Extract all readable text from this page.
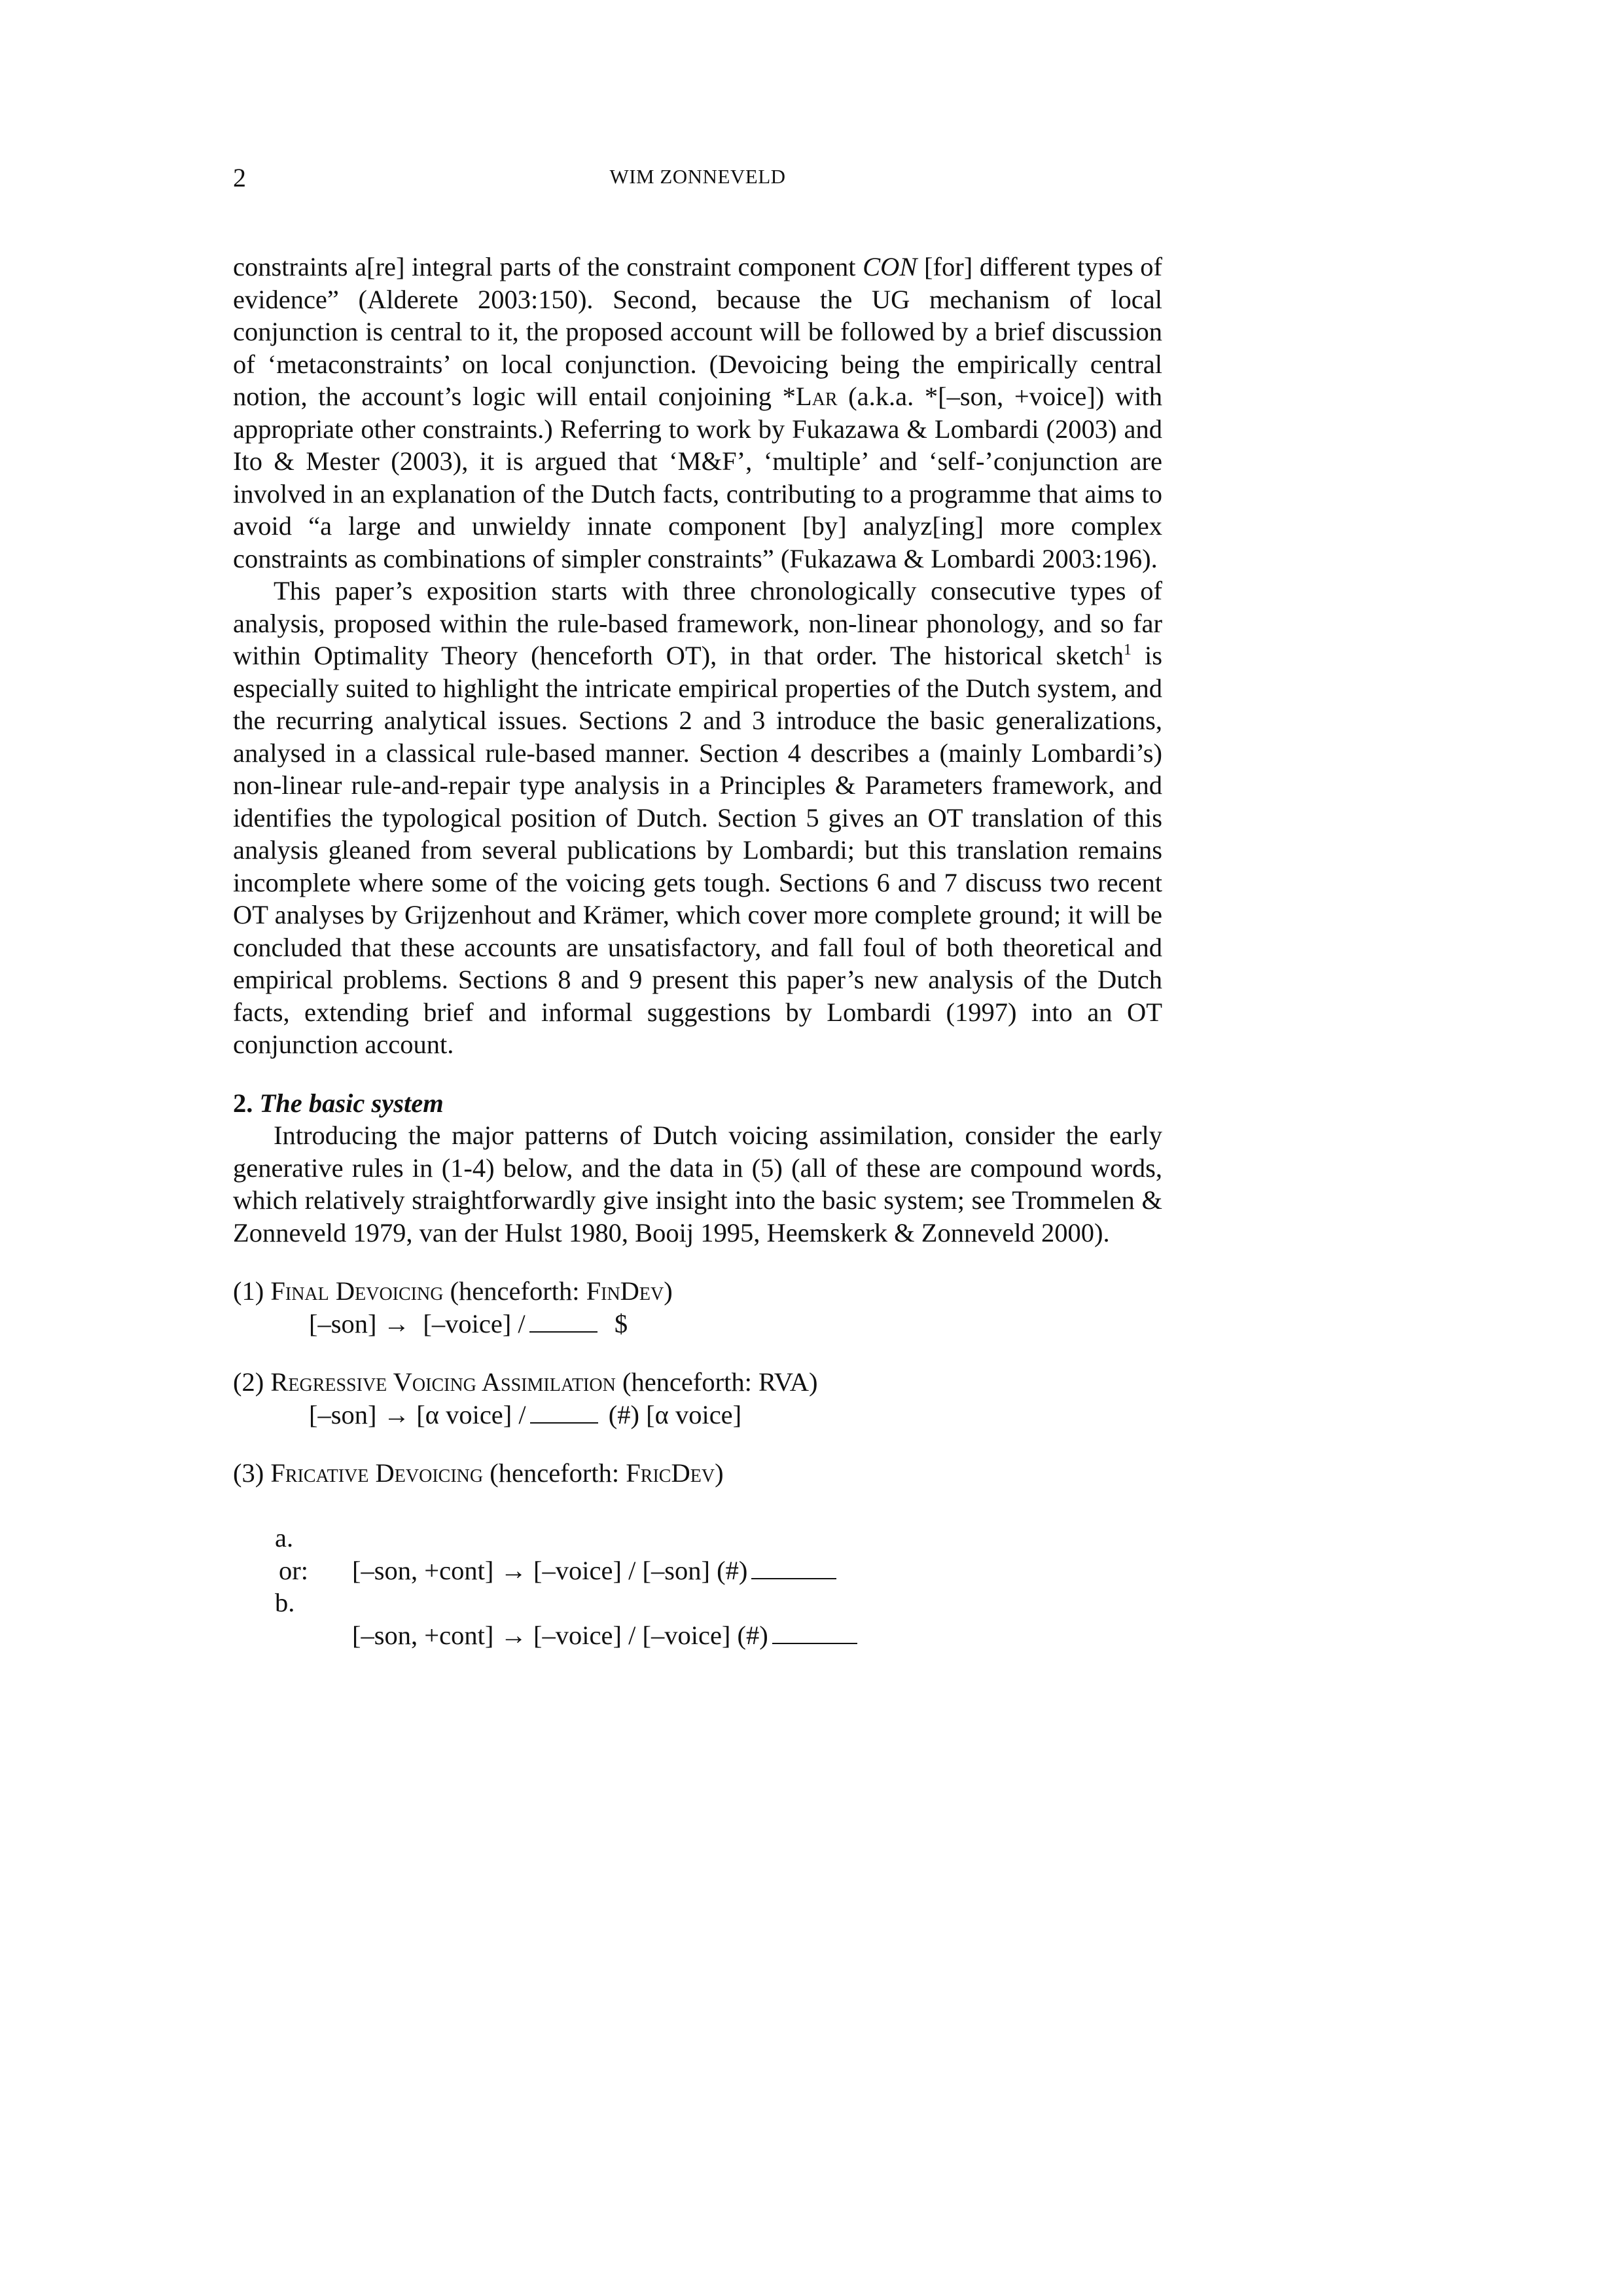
2	WIM ZONNEVELD

constraints a[re] integral parts of the constraint component CON [for] different types of evidence” (Alderete 2003:150). Second, because the UG mechanism of local conjunction is central to it, the proposed account will be followed by a brief discussion of ‘metaconstraints’ on local conjunction. (Devoicing being the empirically central notion, the account’s logic will entail conjoining *Lar (a.k.a. *[–son, +voice]) with appropriate other constraints.) Referring to work by Fukazawa & Lombardi (2003) and Ito & Mester (2003), it is argued that ‘M&F’, ‘multiple’ and ‘self-’conjunction are involved in an explanation of the Dutch facts, contributing to a programme that aims to avoid “a large and unwieldy innate component [by] analyz[ing] more complex constraints as combinations of simpler constraints” (Fukazawa & Lombardi 2003:196).

This paper’s exposition starts with three chronologically consecutive types of analysis, proposed within the rule-based framework, non-linear phonology, and so far within Optimality Theory (henceforth OT), in that order. The historical sketch$^1$ is especially suited to highlight the intricate empirical properties of the Dutch system, and the recurring analytical issues. Sections 2 and 3 introduce the basic generalizations, analysed in a classical rule-based manner. Section 4 describes a (mainly Lombardi’s) non-linear rule-and-repair type analysis in a Principles & Parameters framework, and identifies the typological position of Dutch. Section 5 gives an OT translation of this analysis gleaned from several publications by Lombardi; but this translation remains incomplete where some of the voicing gets tough. Sections 6 and 7 discuss two recent OT analyses by Grijzenhout and Krämer, which cover more complete ground; it will be concluded that these accounts are unsatisfactory, and fall foul of both theoretical and empirical problems. Sections 8 and 9 present this paper’s new analysis of the Dutch facts, extending brief and informal suggestions by Lombardi (1997) into an OT conjunction account.

2. The basic system

Introducing the major patterns of Dutch voicing assimilation, consider the early generative rules in (1-4) below, and the data in (5) (all of these are compound words, which relatively straightforwardly give insight into the basic system; see Trommelen & Zonneveld 1979, van der Hulst 1980, Booij 1995, Heemskerk & Zonneveld 2000).

(1) Final Devoicing (henceforth: FinDev)
[–son] →  [–voice] /	$
(2) Regressive Voicing Assimilation (henceforth: RVA)
[–son] → [α voice] /	(#) [α voice]
(3) Fricative Devoicing (henceforth: FricDev)

a.

[–son, +cont] → [–voice] / [–son] (#)

or:

b.

[–son, +cont] → [–voice] / [–voice] (#)
